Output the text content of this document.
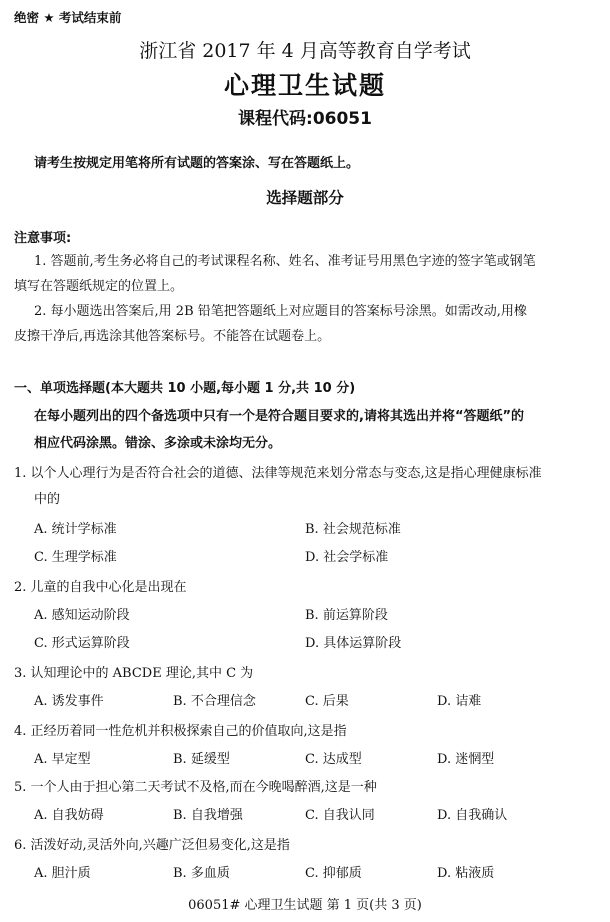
绝密 ★ 考试结束前
浙江省 2017 年 4 月高等教育自学考试
心理卫生试题
课程代码:06051
请考生按规定用笔将所有试题的答案涂、写在答题纸上。
选择题部分
注意事项:
1. 答题前,考生务必将自己的考试课程名称、姓名、准考证号用黑色字迹的签字笔或钢笔
填写在答题纸规定的位置上。
2. 每小题选出答案后,用 2B 铅笔把答题纸上对应题目的答案标号涂黑。如需改动,用橡
皮擦干净后,再选涂其他答案标号。不能答在试题卷上。
一、单项选择题(本大题共 10 小题,每小题 1 分,共 10 分)
在每小题列出的四个备选项中只有一个是符合题目要求的,请将其选出并将“答题纸”的
相应代码涂黑。错涂、多涂或未涂均无分。
1. 以个人心理行为是否符合社会的道德、法律等规范来划分常态与变态,这是指心理健康标准
中的
A. 统计学标准	B. 社会规范标准
C. 生理学标准	D. 社会学标准
2. 儿童的自我中心化是出现在
A. 感知运动阶段	B. 前运算阶段
C. 形式运算阶段	D. 具体运算阶段
3. 认知理论中的 ABCDE 理论,其中 C 为
A. 诱发事件	B. 不合理信念	C. 后果	D. 诘难
4. 正经历着同一性危机并积极探索自己的价值取向,这是指
A. 早定型	B. 延缓型	C. 达成型	D. 迷惘型
5. 一个人由于担心第二天考试不及格,而在今晚喝醉酒,这是一种
A. 自我妨碍	B. 自我增强	C. 自我认同	D. 自我确认
6. 活泼好动,灵活外向,兴趣广泛但易变化,这是指
A. 胆汁质	B. 多血质	C. 抑郁质	D. 粘液质
06051# 心理卫生试题 第 1 页(共 3 页)
